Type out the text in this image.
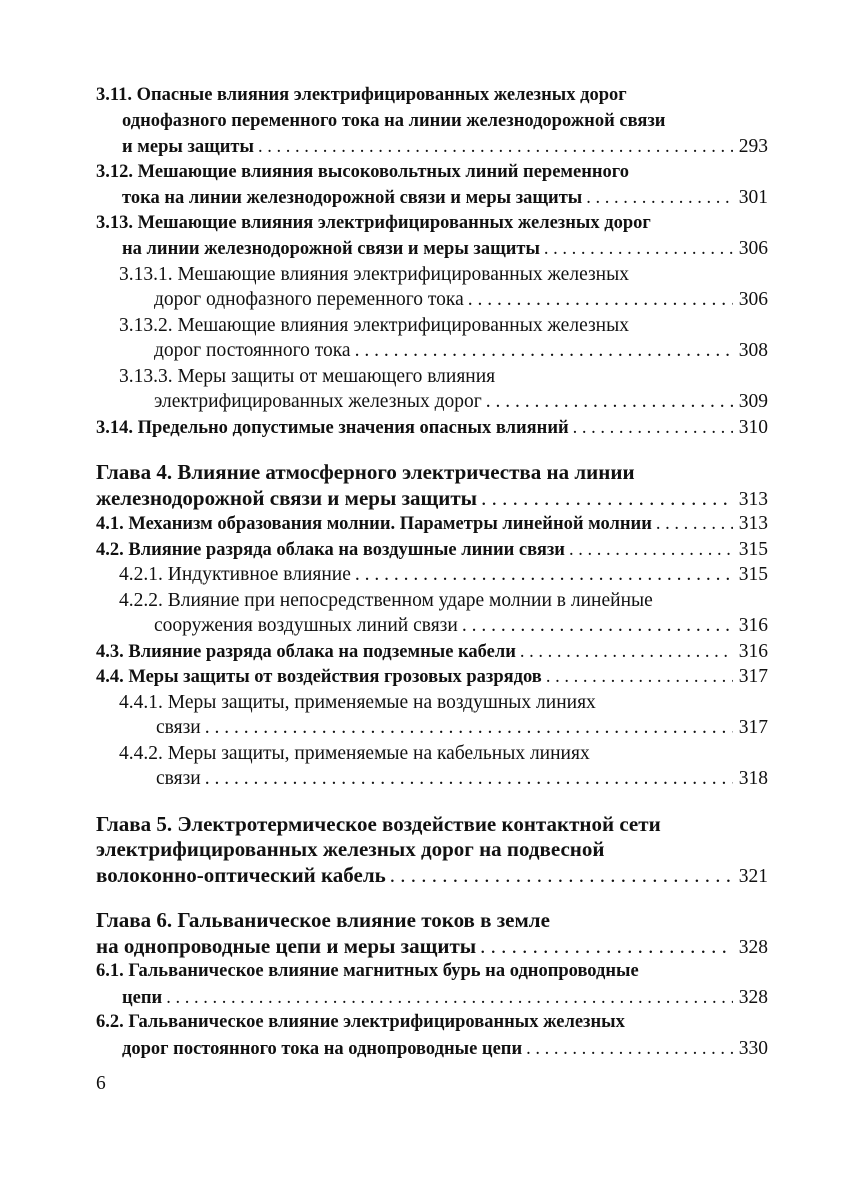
3.11. Опасные влияния электрифицированных железных дорог
однофазного переменного тока на линии железнодорожной связи
и меры защиты . . .	293
3.12. Мешающие влияния высоковольтных линий переменного
тока на линии железнодорожной связи и меры защиты . . .	301
3.13. Мешающие влияния электрифицированных железных дорог
на линии железнодорожной связи и меры защиты . . .	306
3.13.1. Мешающие влияния электрифицированных железных
дорог однофазного переменного тока . . .	306
3.13.2. Мешающие влияния электрифицированных железных
дорог постоянного тока . . .	308
3.13.3. Меры защиты от мешающего влияния
электрифицированных железных дорог . . .	309
3.14. Предельно допустимые значения опасных влияний . . .	310
Глава 4. Влияние атмосферного электричества на линии
железнодорожной связи и меры защиты . . .	313
4.1. Механизм образования молнии. Параметры линейной молнии . . .	313
4.2. Влияние разряда облака на воздушные линии связи . . .	315
4.2.1. Индуктивное влияние . . .	315
4.2.2. Влияние при непосредственном ударе молнии в линейные
сооружения воздушных линий связи . . .	316
4.3. Влияние разряда облака на подземные кабели . . .	316
4.4. Меры защиты от воздействия грозовых разрядов . . .	317
4.4.1. Меры защиты, применяемые на воздушных линиях
связи . . .	317
4.4.2. Меры защиты, применяемые на кабельных линиях
связи . . .	318
Глава 5. Электротермическое воздействие контактной сети
электрифицированных железных дорог на подвесной
волоконно-оптический кабель . . .	321
Глава 6. Гальваническое влияние токов в земле
на однопроводные цепи и меры защиты . . .	328
6.1. Гальваническое влияние магнитных бурь на однопроводные
цепи . . .	328
6.2. Гальваническое влияние электрифицированных железных
дорог постоянного тока на однопроводные цепи . . .	330
6
